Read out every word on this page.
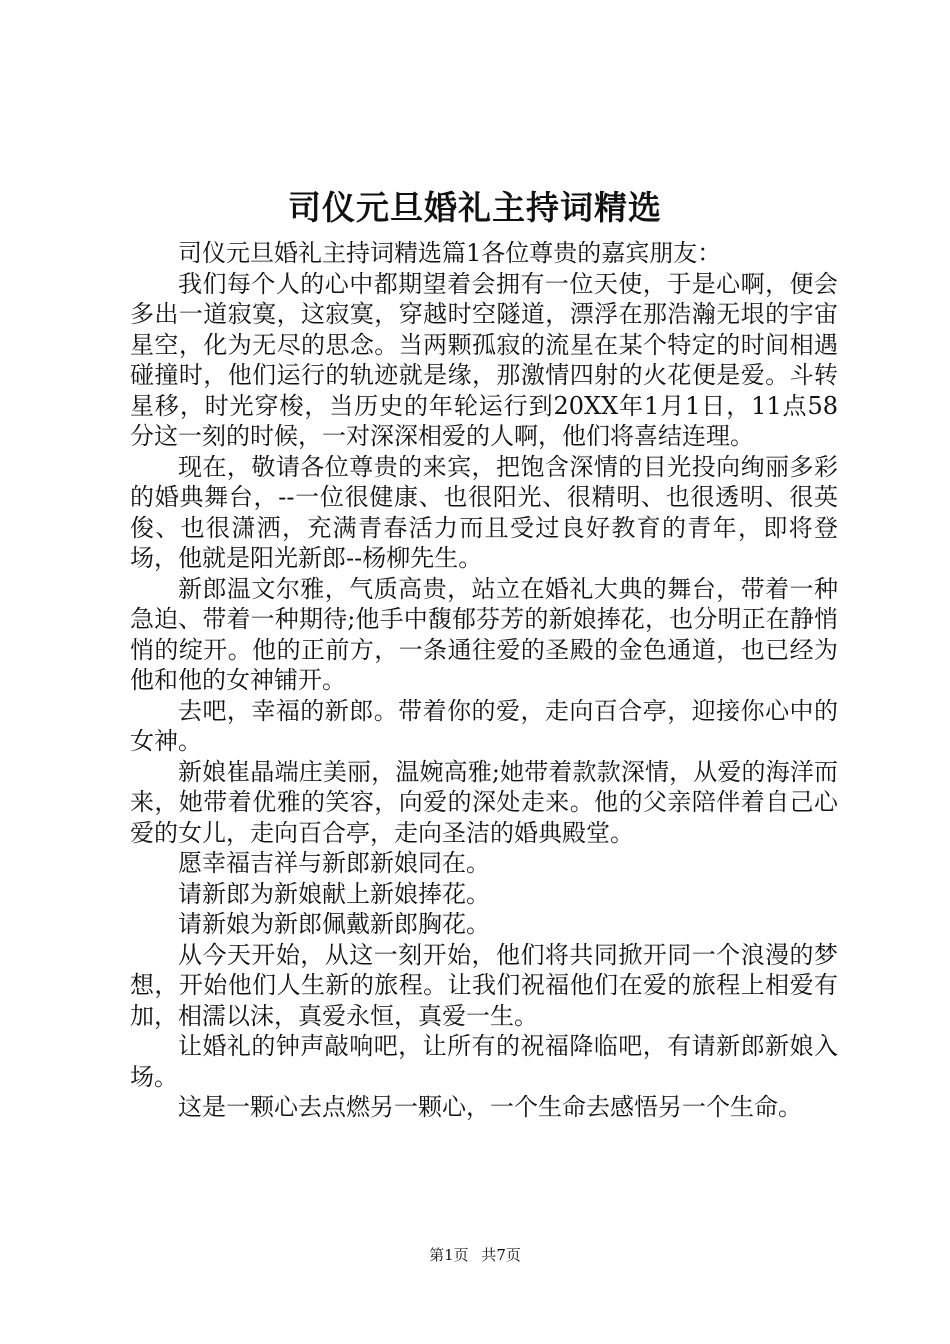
司仪元旦婚礼主持词精选

司仪元旦婚礼主持词精选篇1各位尊贵的嘉宾朋友：

我们每个人的心中都期望着会拥有一位天使，于是心啊，便会多出一道寂寞，这寂寞，穿越时空隧道，漂浮在那浩瀚无垠的宇宙星空，化为无尽的思念。当两颗孤寂的流星在某个特定的时间相遇碰撞时，他们运行的轨迹就是缘，那激情四射的火花便是爱。斗转星移，时光穿梭，当历史的年轮运行到20XX年1月1日，11点58分这一刻的时候，一对深深相爱的人啊，他们将喜结连理。

现在，敬请各位尊贵的来宾，把饱含深情的目光投向绚丽多彩的婚典舞台，--一位很健康、也很阳光、很精明、也很透明、很英俊、也很潇洒，充满青春活力而且受过良好教育的青年，即将登场，他就是阳光新郎--杨柳先生。

新郎温文尔雅，气质高贵，站立在婚礼大典的舞台，带着一种急迫、带着一种期待;他手中馥郁芬芳的新娘捧花，也分明正在静悄悄的绽开。他的正前方，一条通往爱的圣殿的金色通道，也已经为他和他的女神铺开。

去吧，幸福的新郎。带着你的爱，走向百合亭，迎接你心中的女神。

新娘崔晶端庄美丽，温婉高雅;她带着款款深情，从爱的海洋而来，她带着优雅的笑容，向爱的深处走来。他的父亲陪伴着自己心爱的女儿，走向百合亭，走向圣洁的婚典殿堂。

愿幸福吉祥与新郎新娘同在。

请新郎为新娘献上新娘捧花。

请新娘为新郎佩戴新郎胸花。

从今天开始，从这一刻开始，他们将共同掀开同一个浪漫的梦想，开始他们人生新的旅程。让我们祝福他们在爱的旅程上相爱有加，相濡以沫，真爱永恒，真爱一生。

让婚礼的钟声敲响吧，让所有的祝福降临吧，有请新郎新娘入场。

这是一颗心去点燃另一颗心，一个生命去感悟另一个生命。

第1页 共7页
